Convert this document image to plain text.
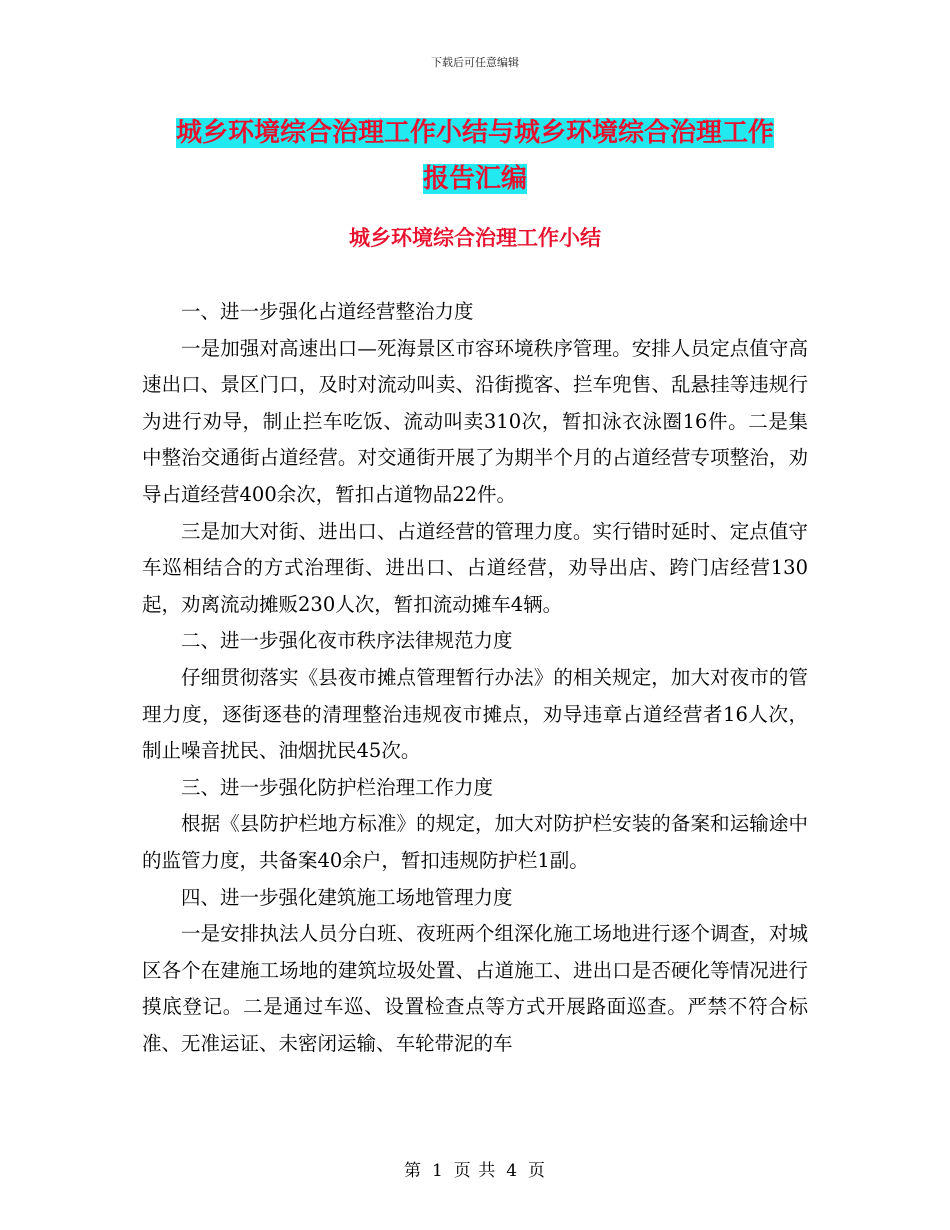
下载后可任意编辑
城乡环境综合治理工作小结与城乡环境综合治理工作
报告汇编
城乡环境综合治理工作小结

一、进一步强化占道经营整治力度

一是加强对高速出口—死海景区市容环境秩序管理。安排人员定点值守高速出口、景区门口，及时对流动叫卖、沿街揽客、拦车兜售、乱悬挂等违规行为进行劝导，制止拦车吃饭、流动叫卖310次，暂扣泳衣泳圈16件。二是集中整治交通街占道经营。对交通街开展了为期半个月的占道经营专项整治，劝导占道经营400余次，暂扣占道物品22件。

三是加大对街、进出口、占道经营的管理力度。实行错时延时、定点值守车巡相结合的方式治理街、进出口、占道经营，劝导出店、跨门店经营130起，劝离流动摊贩230人次，暂扣流动摊车4辆。

二、进一步强化夜市秩序法律规范力度

仔细贯彻落实《县夜市摊点管理暂行办法》的相关规定，加大对夜市的管理力度，逐街逐巷的清理整治违规夜市摊点，劝导违章占道经营者16人次，制止噪音扰民、油烟扰民45次。

三、进一步强化防护栏治理工作力度

根据《县防护栏地方标准》的规定，加大对防护栏安装的备案和运输途中的监管力度，共备案40余户，暂扣违规防护栏1副。

四、进一步强化建筑施工场地管理力度

一是安排执法人员分白班、夜班两个组深化施工场地进行逐个调查，对城区各个在建施工场地的建筑垃圾处置、占道施工、进出口是否硬化等情况进行摸底登记。二是通过车巡、设置检查点等方式开展路面巡查。严禁不符合标准、无准运证、未密闭运输、车轮带泥的车

第 1 页 共 4 页
